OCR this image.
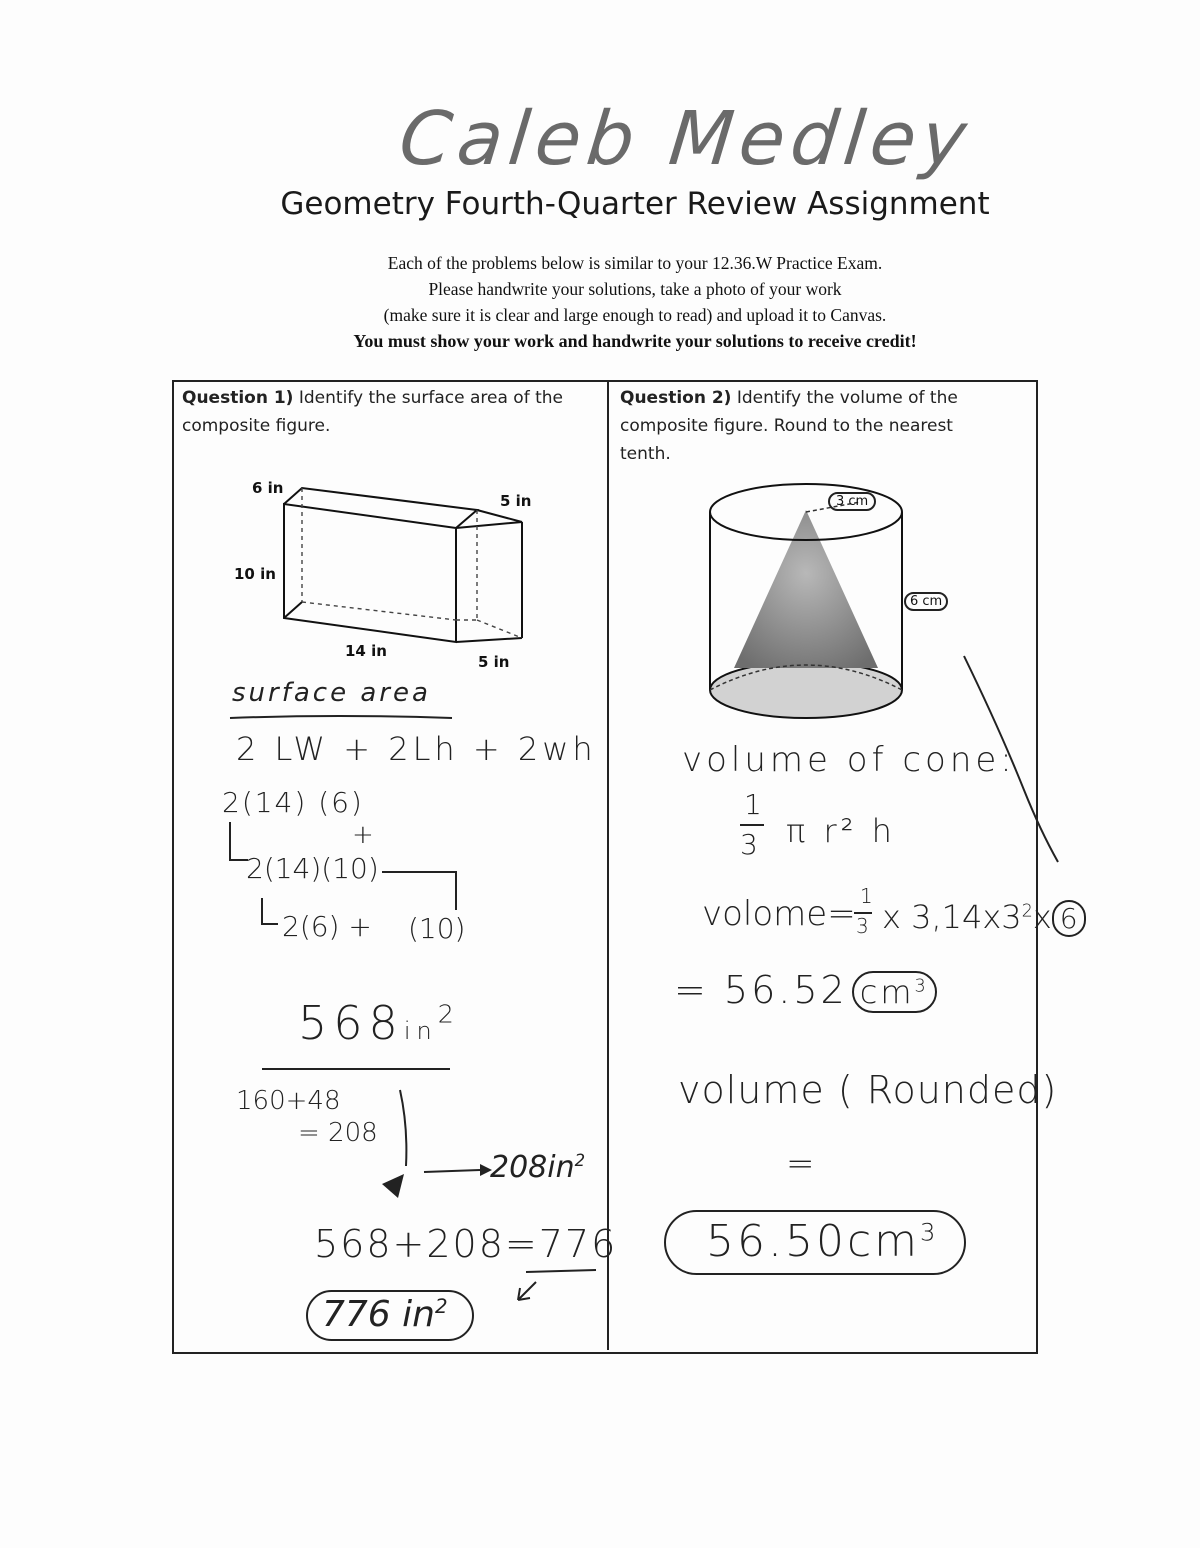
Caleb Medley
Geometry Fourth-Quarter Review Assignment
Each of the problems below is similar to your 12.36.W Practice Exam.
Please handwrite your solutions, take a photo of your work
(make sure it is clear and large enough to read) and upload it to Canvas.
You must show your work and handwrite your solutions to receive credit!
Question 1) Identify the surface area of the composite figure.
Question 2) Identify the volume of the composite figure. Round to the nearest tenth.
6 in
5 in
10 in
14 in
5 in
surface area
2 LW + 2Lh + 2wh
2(14) (6)
+
2(14)(10)
2(6) + (10)
$568in^2$
160+48
= 208
$208in^2$
568+208=776
776 $in^2$
3 cm
6 cm
volume of cone:
1
3 π r² h
volome= 1
3 x $3,14x3^2x$ 6
= 56.52 $cm^3$
volume ( Rounded)
=
$56.50cm^3$
